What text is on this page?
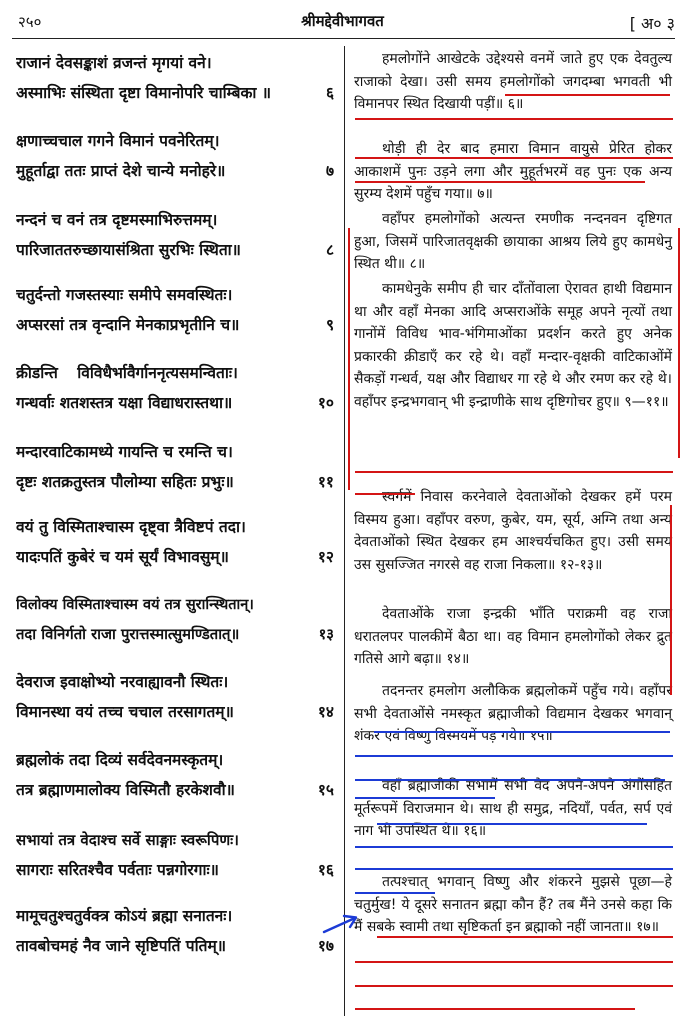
२५०	श्रीमद्देवीभागवत	[ अ० ३
राजानं देवसङ्काशं व्रजन्तं मृगयां वने।
अस्माभिः संस्थिता दृष्टा विमानोपरि चाम्बिका ॥	६
क्षणाच्चचाल गगने विमानं पवनेरितम्।
मुहूर्ताद्वा ततः प्राप्तं देशे चान्ये मनोहरे॥	७
नन्दनं च वनं तत्र दृष्टमस्माभिरुत्तमम्।
पारिजाततरुच्छायासंश्रिता सुरभिः स्थिता॥	८
चतुर्दन्तो गजस्तस्याः समीपे समवस्थितः।
अप्सरसां तत्र वृन्दानि मेनकाप्रभृतीनि च॥	९
क्रीडन्ति विविधैर्भावैर्गाननृत्यसमन्विताः।
गन्धर्वाः शतशस्तत्र यक्षा विद्याधरास्तथा॥	१०
मन्दारवाटिकामध्ये गायन्ति च रमन्ति च।
दृष्टः शतक्रतुस्तत्र पौलोम्या सहितः प्रभुः॥	११
वयं तु विस्मिताश्चास्म दृष्ट्वा त्रैविष्टपं तदा।
यादःपतिं कुबेरं च यमं सूर्यं विभावसुम्॥	१२
विलोक्य विस्मिताश्चास्म वयं तत्र सुरान्स्थितान्।
तदा विनिर्गतो राजा पुरात्तस्मात्सुमण्डितात्॥	१३
देवराज इवाक्षोभ्यो नरवाह्यावनौ स्थितः।
विमानस्था वयं तच्च चचाल तरसागतम्॥	१४
ब्रह्मलोकं तदा दिव्यं सर्वदेवनमस्कृतम्।
तत्र ब्रह्माणमालोक्य विस्मितौ हरकेशवौ॥	१५
सभायां तत्र वेदाश्च सर्वे साङ्गाः स्वरूपिणः।
सागराः सरितश्चैव पर्वताः पन्नगोरगाः॥	१६
मामूचतुश्चतुर्वक्त्र कोऽयं ब्रह्मा सनातनः।
तावबोचमहं नैव जाने सृष्टिपतिं पतिम्॥	१७

हमलोगोंने आखेटके उद्देश्यसे वनमें जाते हुए एक देवतुल्य राजाको देखा। उसी समय हमलोगोंको जगदम्बा भगवती भी विमानपर स्थित दिखायी पड़ीं॥ ६॥

थोड़ी ही देर बाद हमारा विमान वायुसे प्रेरित होकर आकाशमें पुनः उड़ने लगा और मुहूर्तभरमें वह पुनः एक अन्य सुरम्य देशमें पहुँच गया॥ ७॥

वहाँपर हमलोगोंको अत्यन्त रमणीक नन्दनवन दृष्टिगत हुआ, जिसमें पारिजातवृक्षकी छायाका आश्रय लिये हुए कामधेनु स्थित थी॥ ८॥

कामधेनुके समीप ही चार दाँतोंवाला ऐरावत हाथी विद्यमान था और वहाँ मेनका आदि अप्सराओंके समूह अपने नृत्यों तथा गानोंमें विविध भाव-भंगिमाओंका प्रदर्शन करते हुए अनेक प्रकारकी क्रीडाएँ कर रहे थे। वहाँ मन्दार-वृक्षकी वाटिकाओंमें सैकड़ों गन्धर्व, यक्ष और विद्याधर गा रहे थे और रमण कर रहे थे। वहाँपर इन्द्रभगवान् भी इन्द्राणीके साथ दृष्टिगोचर हुए॥ ९—११॥

स्वर्गमें निवास करनेवाले देवताओंको देखकर हमें परम विस्मय हुआ। वहाँपर वरुण, कुबेर, यम, सूर्य, अग्नि तथा अन्य देवताओंको स्थित देखकर हम आश्चर्यचकित हुए। उसी समय उस सुसज्जित नगरसे वह राजा निकला॥ १२-१३॥

देवताओंके राजा इन्द्रकी भाँति पराक्रमी वह राजा धरातलपर पालकीमें बैठा था। वह विमान हमलोगोंको लेकर द्रुत गतिसे आगे बढ़ा॥ १४॥

तदनन्तर हमलोग अलौकिक ब्रह्मलोकमें पहुँच गये। वहाँपर सभी देवताओंसे नमस्कृत ब्रह्माजीको विद्यमान देखकर भगवान् शंकर एवं विष्णु विस्मयमें पड़ गये॥ १५॥

वहाँ ब्रह्माजीकी सभामें सभी वेद अपने-अपने अंगोंसहित मूर्तरूपमें विराजमान थे। साथ ही समुद्र, नदियाँ, पर्वत, सर्प एवं नाग भी उपस्थित थे॥ १६॥

तत्पश्चात् भगवान् विष्णु और शंकरने मुझसे पूछा—हे चतुर्मुख! ये दूसरे सनातन ब्रह्मा कौन हैं? तब मैंने उनसे कहा कि मैं सबके स्वामी तथा सृष्टिकर्ता इन ब्रह्माको नहीं जानता॥ १७॥
